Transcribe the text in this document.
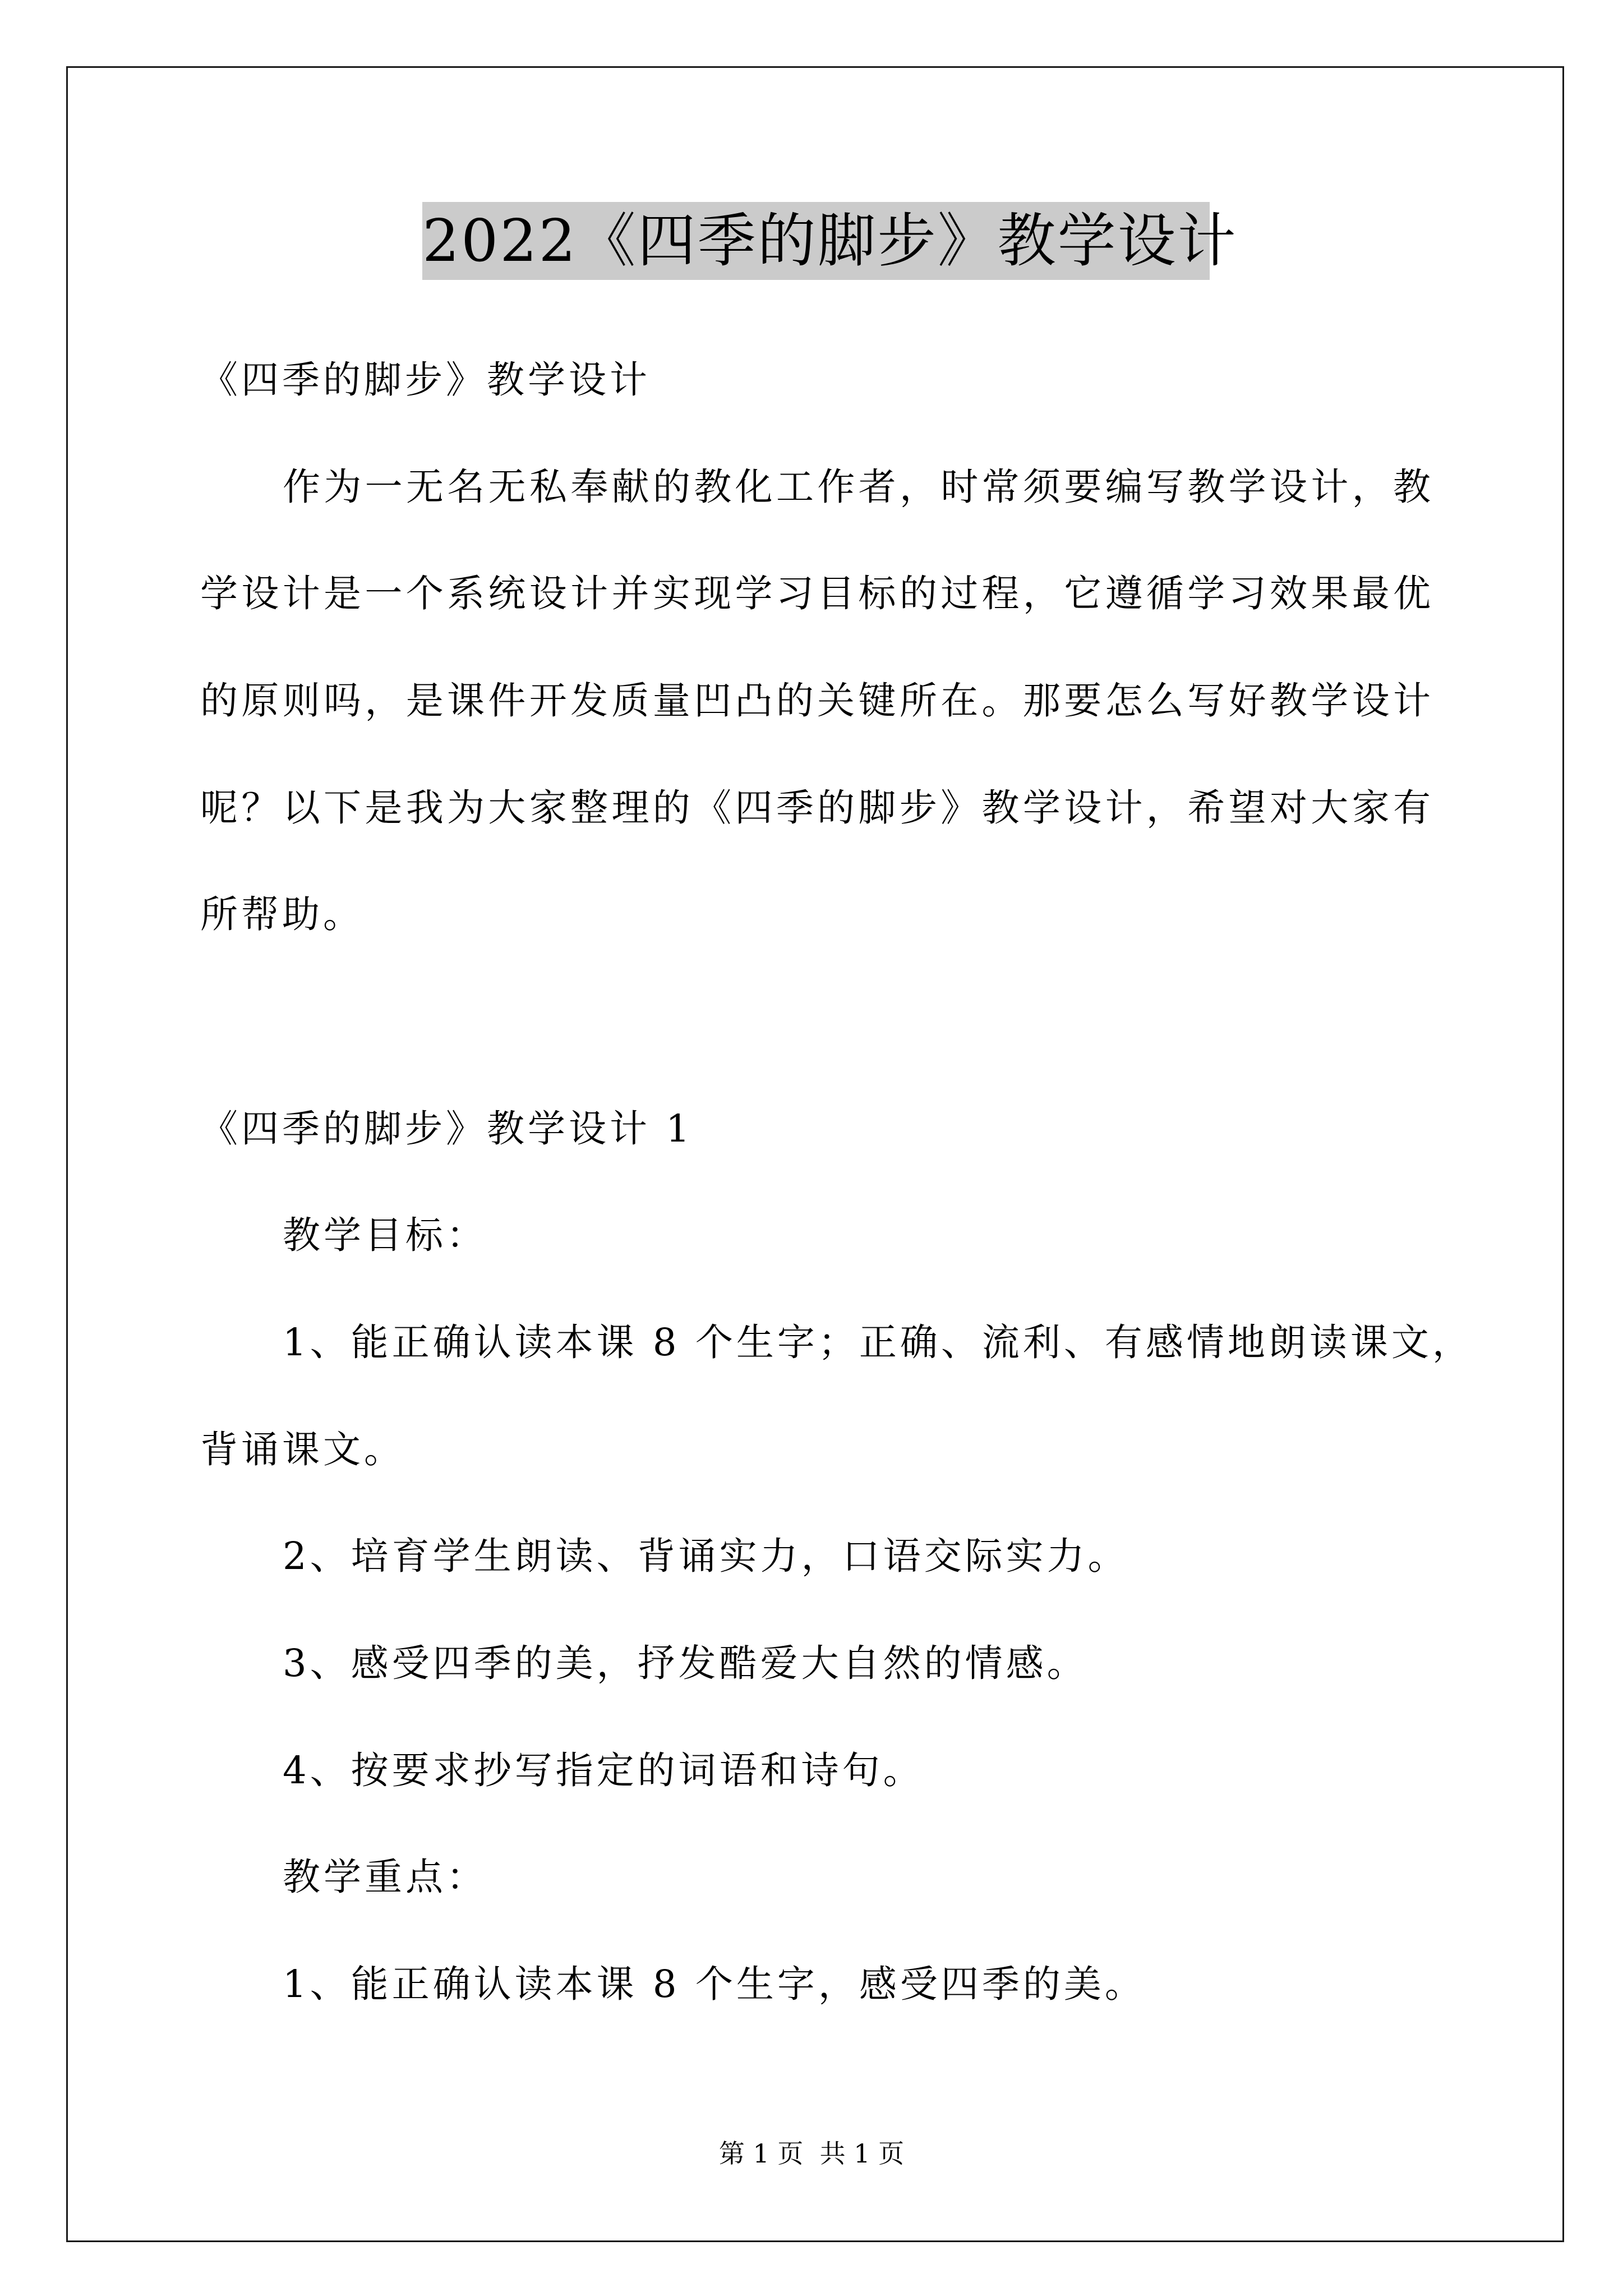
2022《四季的脚步》教学设计
《四季的脚步》教学设计
作为一无名无私奉献的教化工作者，时常须要编写教学设计，教
学设计是一个系统设计并实现学习目标的过程，它遵循学习效果最优
的原则吗，是课件开发质量凹凸的关键所在。那要怎么写好教学设计
呢？以下是我为大家整理的《四季的脚步》教学设计，希望对大家有
所帮助。
《四季的脚步》教学设计 1
教学目标：
1、能正确认读本课 8 个生字；正确、流利、有感情地朗读课文，
背诵课文。
2、培育学生朗读、背诵实力，口语交际实力。
3、感受四季的美，抒发酷爱大自然的情感。
4、按要求抄写指定的词语和诗句。
教学重点：
1、能正确认读本课 8 个生字，感受四季的美。
第 1 页  共 1 页
